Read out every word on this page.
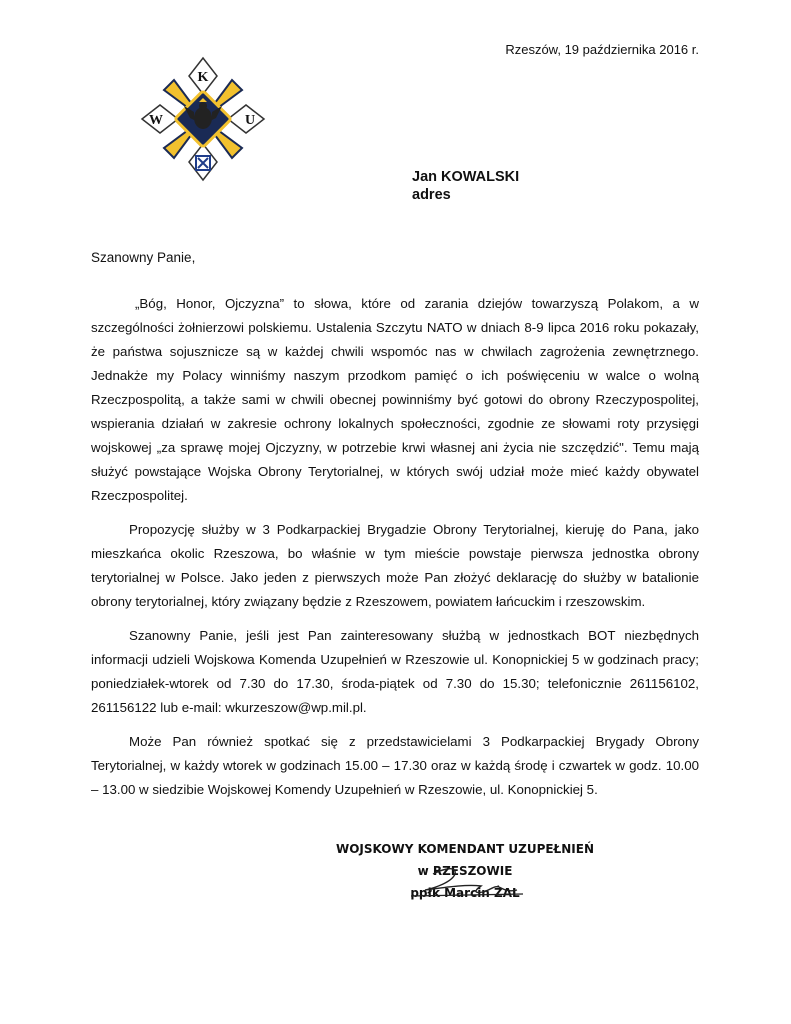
Rzeszów, 19 października 2016 r.
K
W	U
Jan KOWALSKI
adres
Szanowny Panie,

„Bóg, Honor, Ojczyzna” to słowa, które od zarania dziejów towarzyszą Polakom, a w szczególności żołnierzowi polskiemu. Ustalenia Szczytu NATO w dniach 8-9 lipca 2016 roku pokazały, że państwa sojusznicze są w każdej chwili wspomóc nas w chwilach zagrożenia zewnętrznego. Jednakże my Polacy winniśmy naszym przodkom pamięć o ich poświęceniu w walce o wolną Rzeczpospolitą, a także sami w chwili obecnej powinniśmy być gotowi do obrony Rzeczypospolitej, wspierania działań w zakresie ochrony lokalnych społeczności, zgodnie ze słowami roty przysięgi wojskowej „za sprawę mojej Ojczyzny, w potrzebie krwi własnej ani życia nie szczędzić". Temu mają służyć powstające Wojska Obrony Terytorialnej, w których swój udział może mieć każdy obywatel Rzeczpospolitej.

Propozycję służby w 3 Podkarpackiej Brygadzie Obrony Terytorialnej, kieruję do Pana, jako mieszkańca okolic Rzeszowa, bo właśnie w tym mieście powstaje pierwsza jednostka obrony terytorialnej w Polsce. Jako jeden z pierwszych może Pan złożyć deklarację do służby w batalionie obrony terytorialnej, który związany będzie z Rzeszowem, powiatem łańcuckim i rzeszowskim.

Szanowny Panie, jeśli jest Pan zainteresowany służbą w jednostkach BOT niezbędnych informacji udzieli Wojskowa Komenda Uzupełnień w Rzeszowie ul. Konopnickiej 5 w godzinach pracy; poniedziałek-wtorek od 7.30 do 17.30, środa-piątek od 7.30 do 15.30; telefonicznie 261156102, 261156122 lub e-mail: wkurzeszow@wp.mil.pl.

Może Pan również spotkać się z przedstawicielami 3 Podkarpackiej Brygady Obrony Terytorialnej, w każdy wtorek w godzinach 15.00 – 17.30 oraz w każdą środę i czwartek w godz. 10.00 – 13.00 w siedzibie Wojskowej Komendy Uzupełnień w Rzeszowie, ul. Konopnickiej 5.

WOJSKOWY KOMENDANT UZUPEŁNIEŃ
w RZESZOWIE
ppłk Marcin ŻAL
